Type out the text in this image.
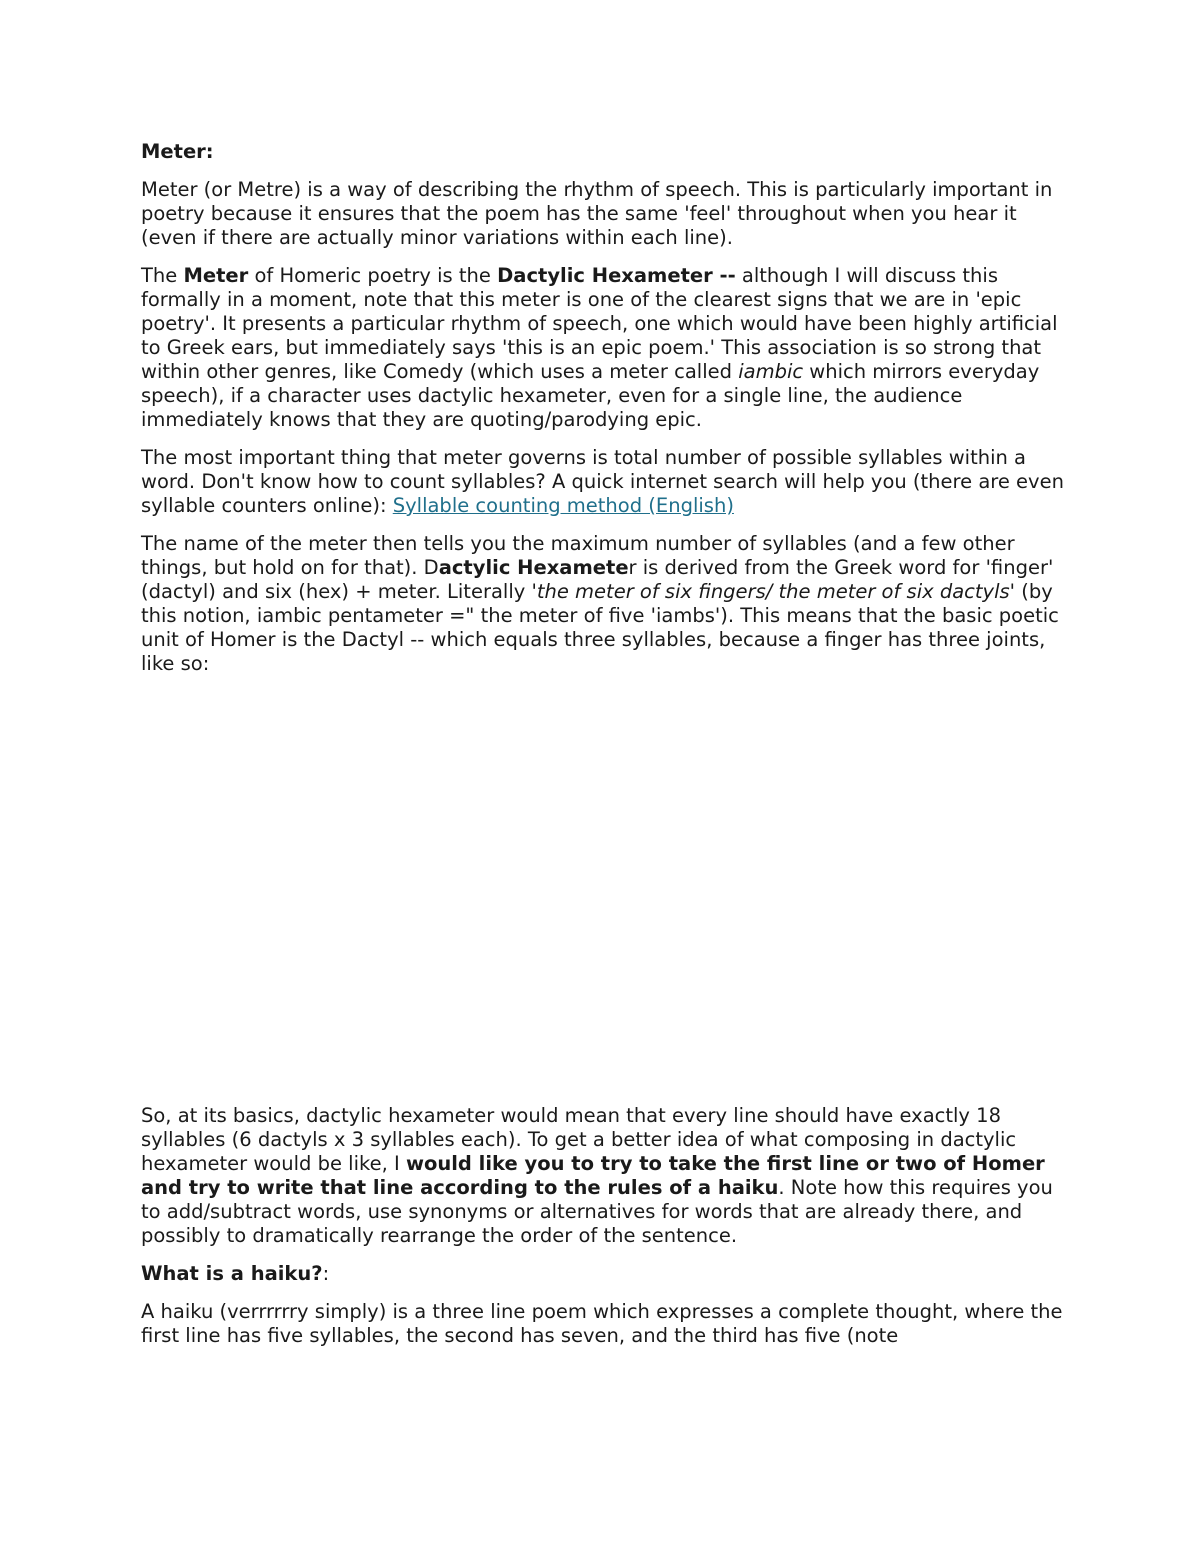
Meter:

Meter (or Metre) is a way of describing the rhythm of speech. This is particularly important in poetry because it ensures that the poem has the same 'feel' throughout when you hear it (even if there are actually minor variations within each line).

The Meter of Homeric poetry is the Dactylic Hexameter -- although I will discuss this formally in a moment, note that this meter is one of the clearest signs that we are in 'epic poetry'. It presents a particular rhythm of speech, one which would have been highly artificial to Greek ears, but immediately says 'this is an epic poem.' This association is so strong that within other genres, like Comedy (which uses a meter called iambic which mirrors everyday speech), if a character uses dactylic hexameter, even for a single line, the audience immediately knows that they are quoting/parodying epic.

The most important thing that meter governs is total number of possible syllables within a word. Don't know how to count syllables? A quick internet search will help you (there are even syllable counters online): Syllable counting method (English)

The name of the meter then tells you the maximum number of syllables (and a few other things, but hold on for that). Dactylic Hexameter is derived from the Greek word for 'finger' (dactyl) and six (hex) + meter. Literally 'the meter of six fingers/ the meter of six dactyls' (by this notion, iambic pentameter =" the meter of five 'iambs'). This means that the basic poetic unit of Homer is the Dactyl -- which equals three syllables, because a finger has three joints, like so:

So, at its basics, dactylic hexameter would mean that every line should have exactly 18 syllables (6 dactyls x 3 syllables each). To get a better idea of what composing in dactylic hexameter would be like, I would like you to try to take the first line or two of Homer and try to write that line according to the rules of a haiku. Note how this requires you to add/subtract words, use synonyms or alternatives for words that are already there, and possibly to dramatically rearrange the order of the sentence.

What is a haiku?:

A haiku (verrrrrry simply) is a three line poem which expresses a complete thought, where the first line has five syllables, the second has seven, and the third has five (note
